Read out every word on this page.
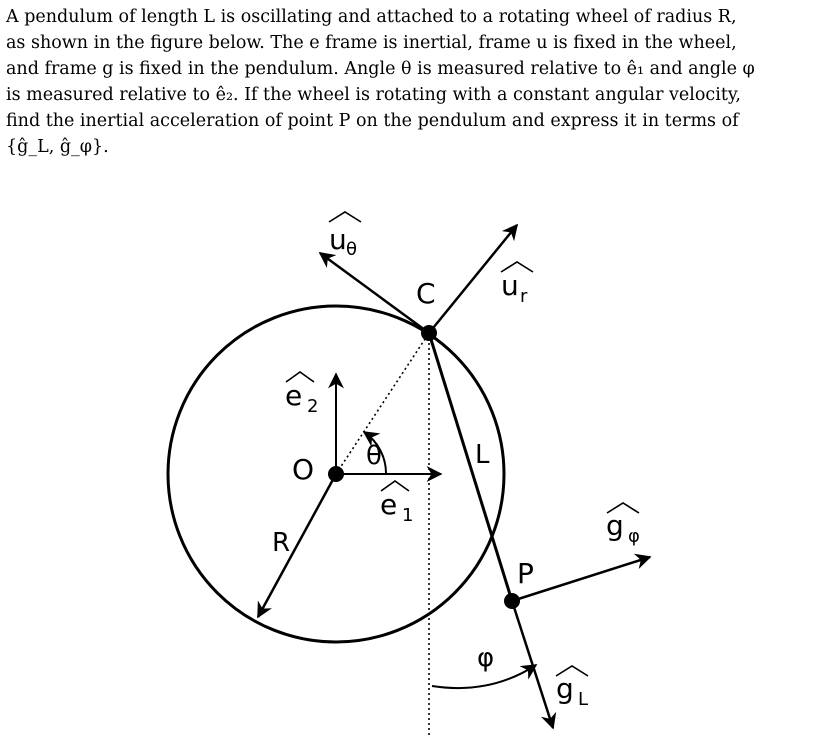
A pendulum of length L is oscillating and attached to a rotating wheel of radius R,
as shown in the figure below. The e frame is inertial, frame u is fixed in the wheel,
and frame g is fixed in the pendulum. Angle θ is measured relative to ê₁ and angle φ
is measured relative to ê₂. If the wheel is rotating with a constant angular velocity,
find the inertial acceleration of point P on the pendulum and express it in terms of
{ĝ_L, ĝ_φ}.
C
O
P
L
R
θ
φ
u θ
u r
e 2
e 1	g φ
g L
